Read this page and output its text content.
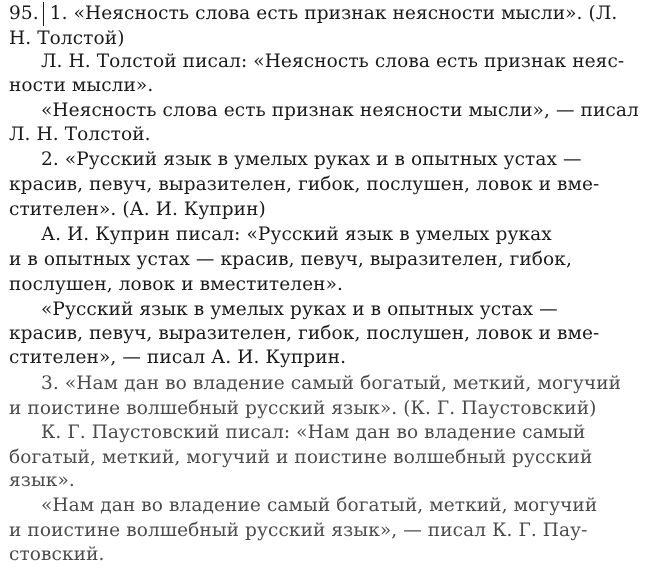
95. 1. «Неясность слова есть признак неясности мысли». (Л.
Н. Толстой)
Л. Н. Толстой писал: «Неясность слова есть признак неяс-
ности мысли».
«Неясность слова есть признак неясности мысли», — писал
Л. Н. Толстой.
2. «Русский язык в умелых руках и в опытных устах —
красив, певуч, выразителен, гибок, послушен, ловок и вме-
стителен». (А. И. Куприн)
А. И. Куприн писал: «Русский язык в умелых руках
и в опытных устах — красив, певуч, выразителен, гибок,
послушен, ловок и вместителен».
«Русский язык в умелых руках и в опытных устах —
красив, певуч, выразителен, гибок, послушен, ловок и вме-
стителен», — писал А. И. Куприн.
3. «Нам дан во владение самый богатый, меткий, могучий
и поистине волшебный русский язык». (К. Г. Паустовский)
К. Г. Паустовский писал: «Нам дан во владение самый
богатый, меткий, могучий и поистине волшебный русский
язык».
«Нам дан во владение самый богатый, меткий, могучий
и поистине волшебный русский язык», — писал К. Г. Пау-
стовский.
